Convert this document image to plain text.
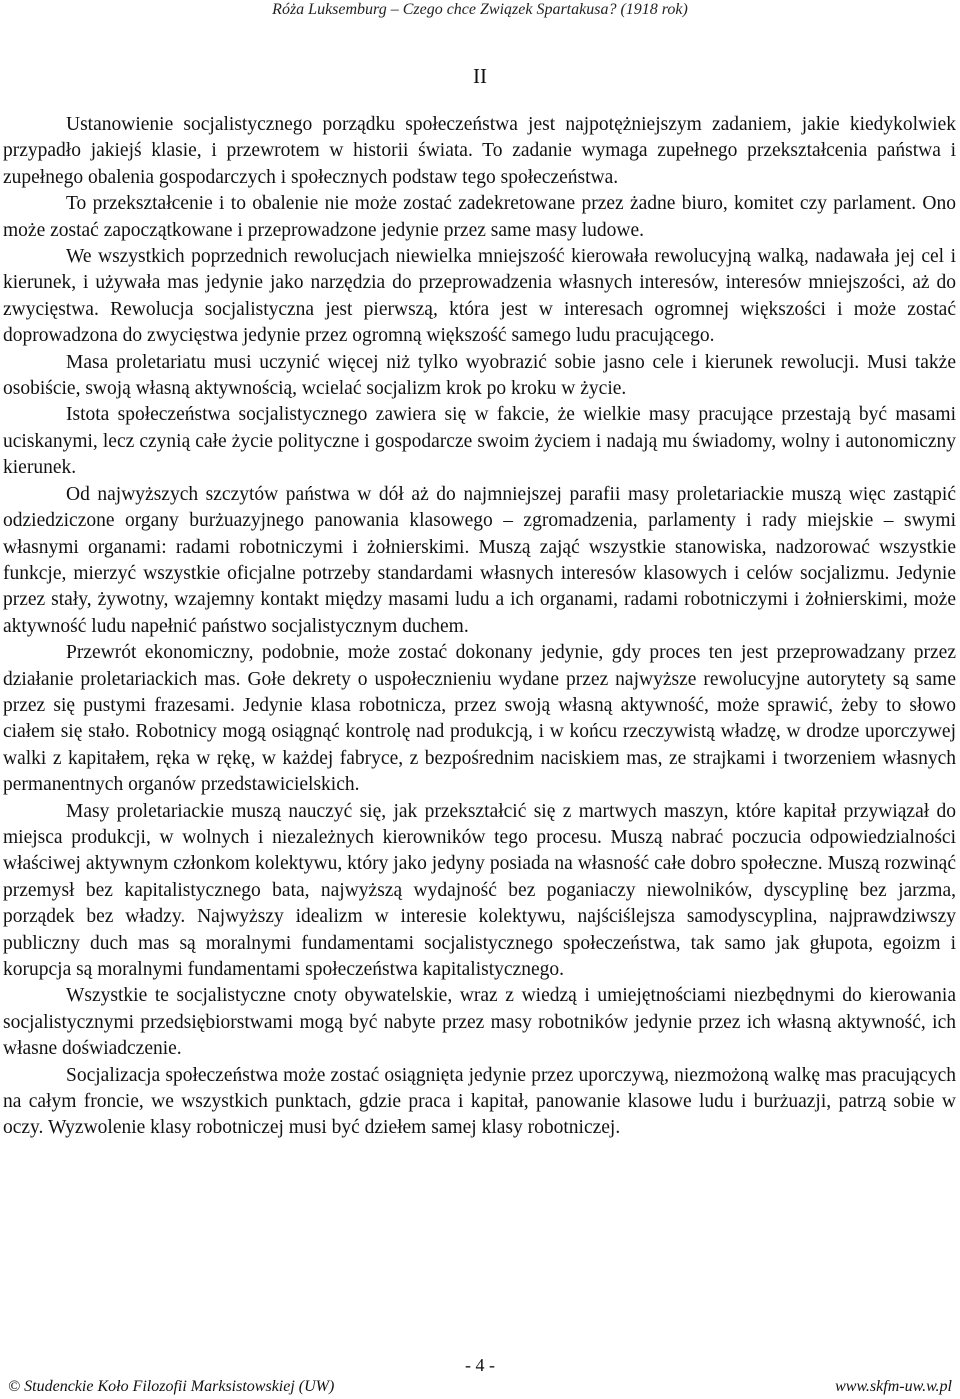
Róża Luksemburg – Czego chce Związek Spartakusa? (1918 rok)
II

Ustanowienie socjalistycznego porządku społeczeństwa jest najpotężniejszym zadaniem, jakie kiedykolwiek przypadło jakiejś klasie, i przewrotem w historii świata. To zadanie wymaga zupełnego przekształcenia państwa i zupełnego obalenia gospodarczych i społecznych podstaw tego społeczeństwa.

To przekształcenie i to obalenie nie może zostać zadekretowane przez żadne biuro, komitet czy parlament. Ono może zostać zapoczątkowane i przeprowadzone jedynie przez same masy ludowe.

We wszystkich poprzednich rewolucjach niewielka mniejszość kierowała rewolucyjną walką, nadawała jej cel i kierunek, i używała mas jedynie jako narzędzia do przeprowadzenia własnych interesów, interesów mniejszości, aż do zwycięstwa. Rewolucja socjalistyczna jest pierwszą, która jest w interesach ogromnej większości i może zostać doprowadzona do zwycięstwa jedynie przez ogromną większość samego ludu pracującego.

Masa proletariatu musi uczynić więcej niż tylko wyobrazić sobie jasno cele i kierunek rewolucji. Musi także osobiście, swoją własną aktywnością, wcielać socjalizm krok po kroku w życie.

Istota społeczeństwa socjalistycznego zawiera się w fakcie, że wielkie masy pracujące przestają być masami uciskanymi, lecz czynią całe życie polityczne i gospodarcze swoim życiem i nadają mu świadomy, wolny i autonomiczny kierunek.

Od najwyższych szczytów państwa w dół aż do najmniejszej parafii masy proletariackie muszą więc zastąpić odziedziczone organy burżuazyjnego panowania klasowego – zgromadzenia, parlamenty i rady miejskie – swymi własnymi organami: radami robotniczymi i żołnierskimi. Muszą zająć wszystkie stanowiska, nadzorować wszystkie funkcje, mierzyć wszystkie oficjalne potrzeby standardami własnych interesów klasowych i celów socjalizmu. Jedynie przez stały, żywotny, wzajemny kontakt między masami ludu a ich organami, radami robotniczymi i żołnierskimi, może aktywność ludu napełnić państwo socjalistycznym duchem.

Przewrót ekonomiczny, podobnie, może zostać dokonany jedynie, gdy proces ten jest przeprowadzany przez działanie proletariackich mas. Gołe dekrety o uspołecznieniu wydane przez najwyższe rewolucyjne autorytety są same przez się pustymi frazesami. Jedynie klasa robotnicza, przez swoją własną aktywność, może sprawić, żeby to słowo ciałem się stało. Robotnicy mogą osiągnąć kontrolę nad produkcją, i w końcu rzeczywistą władzę, w drodze uporczywej walki z kapitałem, ręka w rękę, w każdej fabryce, z bezpośrednim naciskiem mas, ze strajkami i tworzeniem własnych permanentnych organów przedstawicielskich.

Masy proletariackie muszą nauczyć się, jak przekształcić się z martwych maszyn, które kapitał przywiązał do miejsca produkcji, w wolnych i niezależnych kierowników tego procesu. Muszą nabrać poczucia odpowiedzialności właściwej aktywnym członkom kolektywu, który jako jedyny posiada na własność całe dobro społeczne. Muszą rozwinąć przemysł bez kapitalistycznego bata, najwyższą wydajność bez poganiaczy niewolników, dyscyplinę bez jarzma, porządek bez władzy. Najwyższy idealizm w interesie kolektywu, najściślejsza samodyscyplina, najprawdziwszy publiczny duch mas są moralnymi fundamentami socjalistycznego społeczeństwa, tak samo jak głupota, egoizm i korupcja są moralnymi fundamentami społeczeństwa kapitalistycznego.

Wszystkie te socjalistyczne cnoty obywatelskie, wraz z wiedzą i umiejętnościami niezbędnymi do kierowania socjalistycznymi przedsiębiorstwami mogą być nabyte przez masy robotników jedynie przez ich własną aktywność, ich własne doświadczenie.

Socjalizacja społeczeństwa może zostać osiągnięta jedynie przez uporczywą, niezmożoną walkę mas pracujących na całym froncie, we wszystkich punktach, gdzie praca i kapitał, panowanie klasowe ludu i burżuazji, patrzą sobie w oczy. Wyzwolenie klasy robotniczej musi być dziełem samej klasy robotniczej.

- 4 -
© Studenckie Koło Filozofii Marksistowskiej (UW)	www.skfm-uw.w.pl
